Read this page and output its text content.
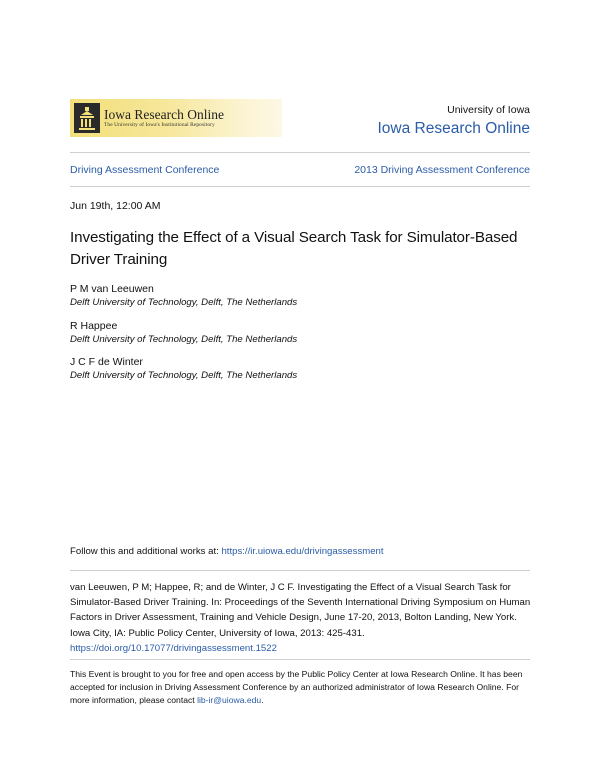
Iowa Research Online
The University of Iowa's Institutional Repository
University of Iowa
Iowa Research Online
Driving Assessment Conference	2013 Driving Assessment Conference
Jun 19th, 12:00 AM
Investigating the Effect of a Visual Search Task for Simulator-Based Driver Training
P M van Leeuwen
Delft University of Technology, Delft, The Netherlands
R Happee
Delft University of Technology, Delft, The Netherlands
J C F de Winter
Delft University of Technology, Delft, The Netherlands
Follow this and additional works at: https://ir.uiowa.edu/drivingassessment
van Leeuwen, P M; Happee, R; and de Winter, J C F. Investigating the Effect of a Visual Search Task for Simulator-Based Driver Training. In: Proceedings of the Seventh International Driving Symposium on Human Factors in Driver Assessment, Training and Vehicle Design, June 17-20, 2013, Bolton Landing, New York. Iowa City, IA: Public Policy Center, University of Iowa, 2013: 425-431. https://doi.org/10.17077/drivingassessment.1522
This Event is brought to you for free and open access by the Public Policy Center at Iowa Research Online. It has been accepted for inclusion in Driving Assessment Conference by an authorized administrator of Iowa Research Online. For more information, please contact lib-ir@uiowa.edu.
